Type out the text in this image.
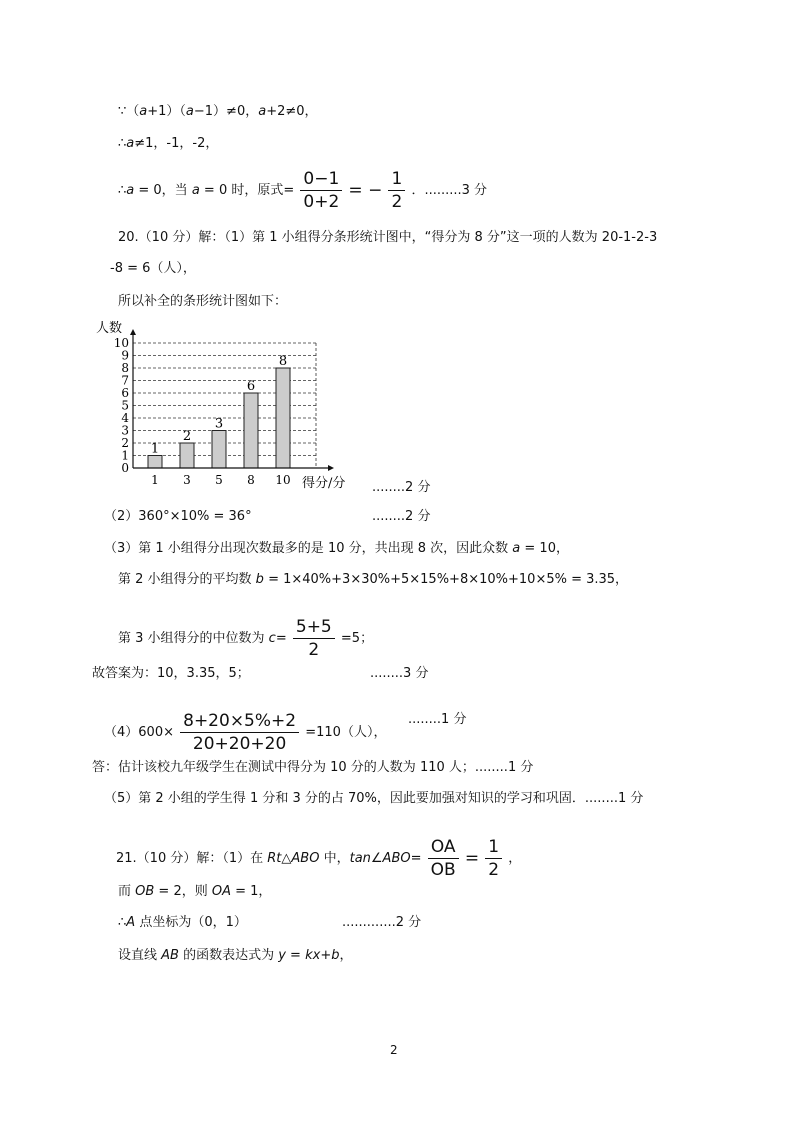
∵（a+1）（a−1）≠0，a+2≠0，
∴a≠1，-1，-2，
∴a = 0，当 a = 0 时，原式= $\frac{0-1}{0+2}$ = − $\frac{1}{2}$ ．.........3 分
20.（10 分）解：（1）第 1 小组得分条形统计图中，“得分为 8 分”这一项的人数为 20-1-2-3
-8 = 6（人），
所以补全的条形统计图如下：
0
1
2
3
4
5
6
7
8
9
10
1
1
2
3
3
5
6
8
8
10
人数
得分/分 ........2 分
（2）360°×10% = 36°	........2 分
（3）第 1 小组得分出现次数最多的是 10 分，共出现 8 次，因此众数 a = 10，
第 2 小组得分的平均数 b = 1×40%+3×30%+5×15%+8×10%+10×5% = 3.35，
第 3 小组得分的中位数为 $c= \frac{5+5}{2} =5$；
故答案为：10，3.35，5；	........3 分
$(4)600\times \frac{8+20\times 5\%+2}{20+20+20} =110$（人），
........1 分
答：估计该校九年级学生在测试中得分为 10 分的人数为 110 人；........1 分
（5）第 2 小组的学生得 1 分和 3 分的占 70%，因此要加强对知识的学习和巩固．........1 分
21.（10 分）解：（1）在 Rt△ABO 中，tan∠ABO= $\frac{OA}{OB} = \frac{1}{2}$ ，
而 OB = 2，则 OA = 1，
∴A 点坐标为（0，1）	.............2 分
设直线 AB 的函数表达式为 y = kx+b，
2
